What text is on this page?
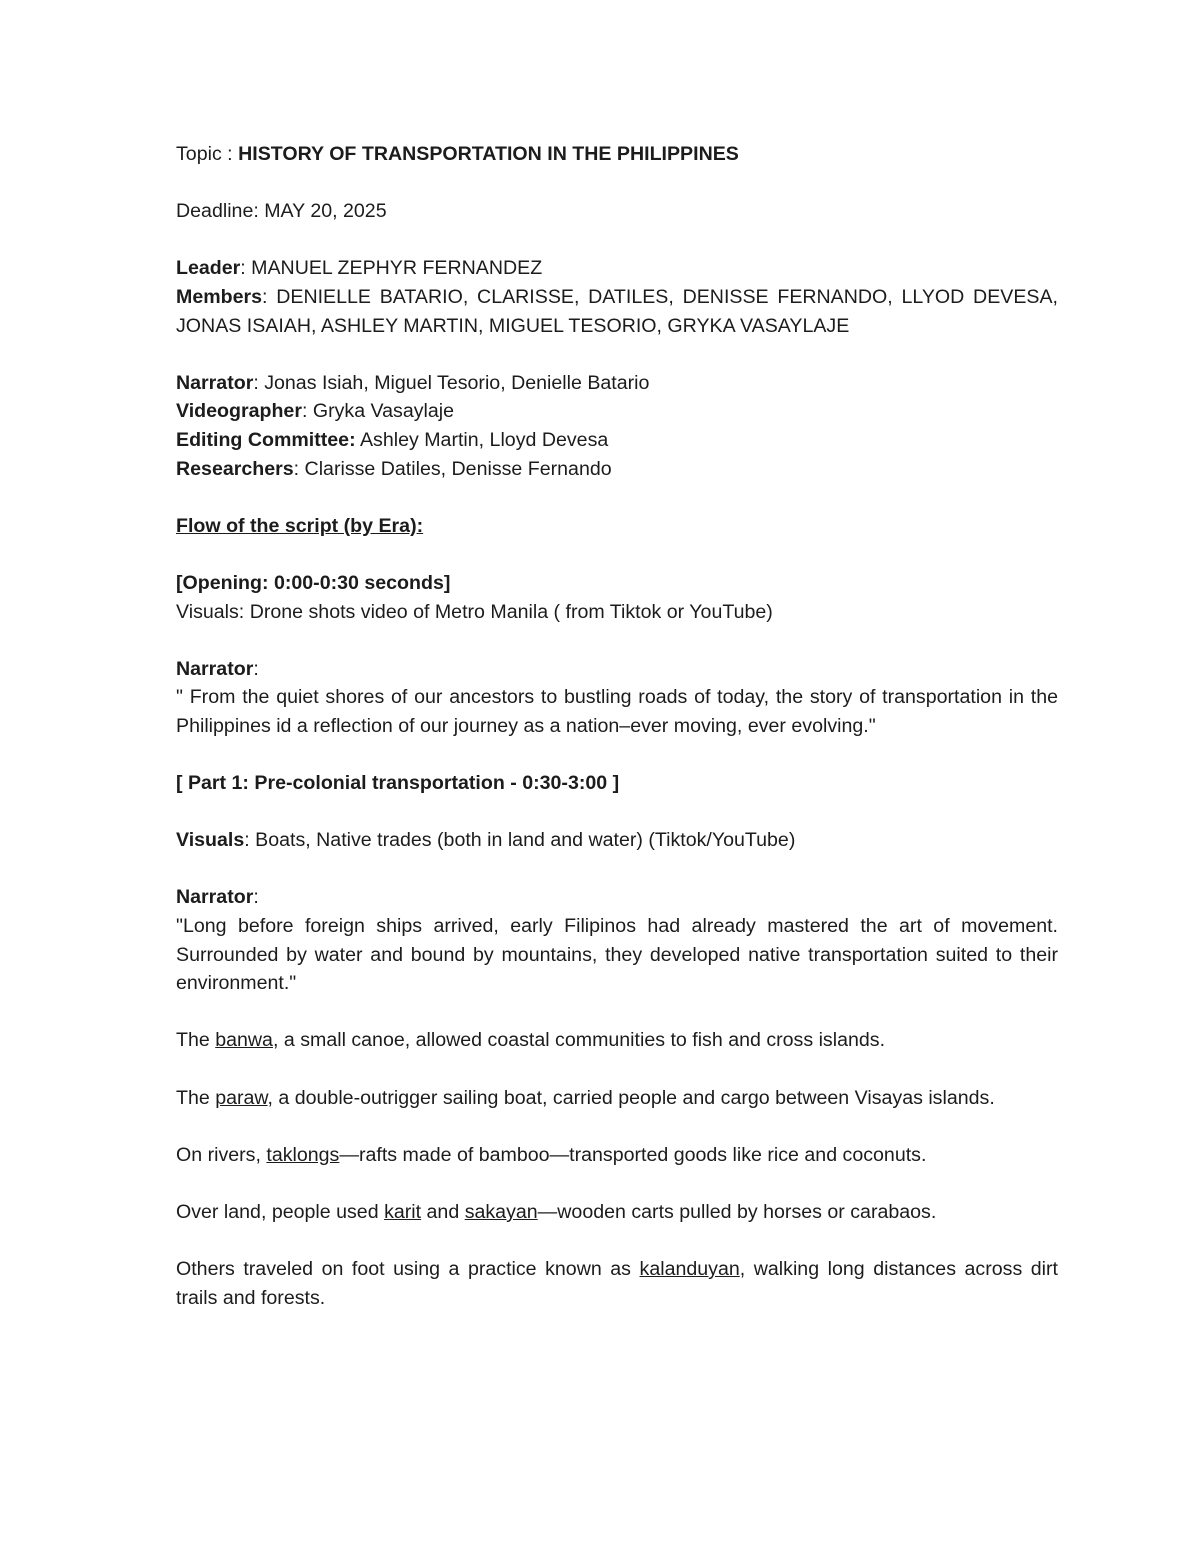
Topic : HISTORY OF TRANSPORTATION IN THE PHILIPPINES

Deadline: MAY 20, 2025

Leader: MANUEL ZEPHYR FERNANDEZ

Members: DENIELLE BATARIO, CLARISSE, DATILES, DENISSE FERNANDO, LLYOD DEVESA, JONAS ISAIAH, ASHLEY MARTIN, MIGUEL TESORIO, GRYKA VASAYLAJE

Narrator: Jonas Isiah, Miguel Tesorio, Denielle Batario

Videographer: Gryka Vasaylaje

Editing Committee: Ashley Martin, Lloyd Devesa

Researchers: Clarisse Datiles, Denisse Fernando

Flow of the script (by Era):

[Opening: 0:00-0:30 seconds]

Visuals: Drone shots video of Metro Manila ( from Tiktok or YouTube)

Narrator:

" From the quiet shores of our ancestors to bustling roads of today, the story of transportation in the Philippines id a reflection of our journey as a nation–ever moving, ever evolving."

[ Part 1: Pre-colonial transportation - 0:30-3:00 ]

Visuals: Boats, Native trades (both in land and water) (Tiktok/YouTube)

Narrator:

"Long before foreign ships arrived, early Filipinos had already mastered the art of movement. Surrounded by water and bound by mountains, they developed native transportation suited to their environment."

The banwa, a small canoe, allowed coastal communities to fish and cross islands.

The paraw, a double-outrigger sailing boat, carried people and cargo between Visayas islands.

On rivers, taklongs—rafts made of bamboo—transported goods like rice and coconuts.

Over land, people used karit and sakayan—wooden carts pulled by horses or carabaos.

Others traveled on foot using a practice known as kalanduyan, walking long distances across dirt trails and forests.
